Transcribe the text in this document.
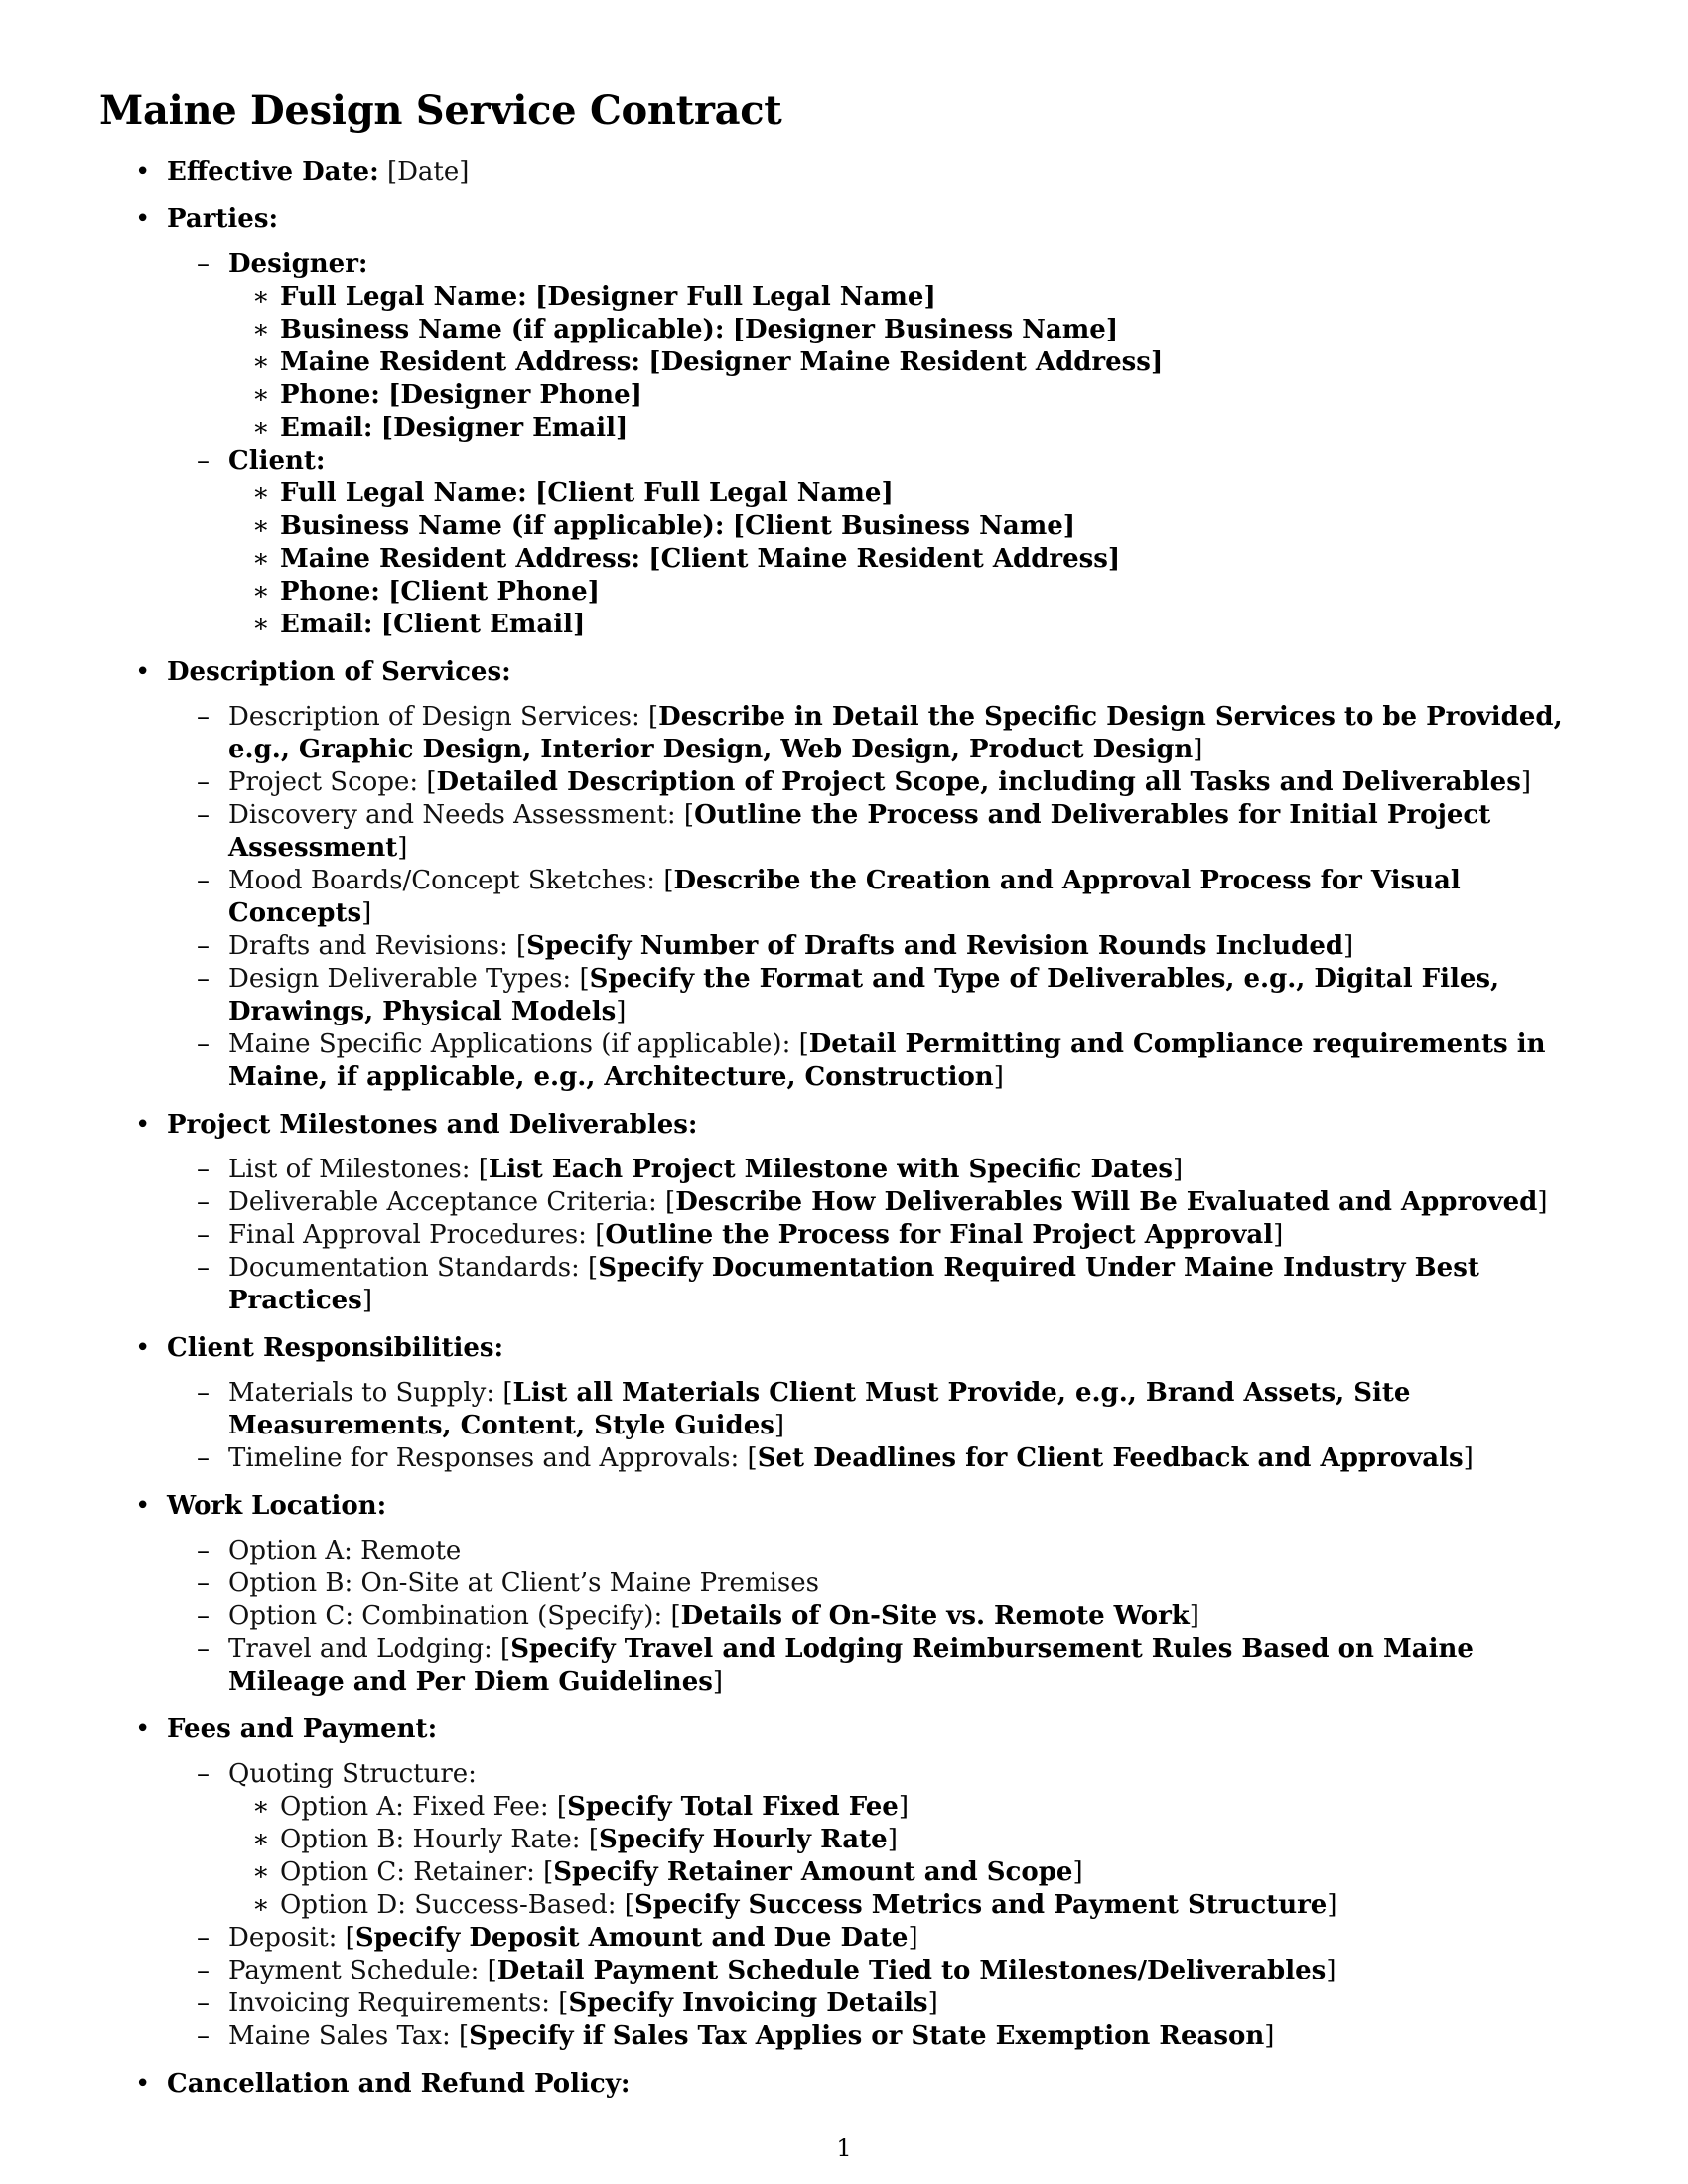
Maine Design Service Contract
• Effective Date: [Date]
• Parties:
– Designer:
∗ Full Legal Name: [Designer Full Legal Name]
∗ Business Name (if applicable): [Designer Business Name]
∗ Maine Resident Address: [Designer Maine Resident Address]
∗ Phone: [Designer Phone]
∗ Email: [Designer Email]
– Client:
∗ Full Legal Name: [Client Full Legal Name]
∗ Business Name (if applicable): [Client Business Name]
∗ Maine Resident Address: [Client Maine Resident Address]
∗ Phone: [Client Phone]
∗ Email: [Client Email]
• Description of Services:
– Description of Design Services: [Describe in Detail the Specific Design Services to be Provided, e.g., Graphic Design, Interior Design, Web Design, Product Design]
– Project Scope: [Detailed Description of Project Scope, including all Tasks and Deliverables]
– Discovery and Needs Assessment: [Outline the Process and Deliverables for Initial Project Assessment]
– Mood Boards/Concept Sketches: [Describe the Creation and Approval Process for Visual Concepts]
– Drafts and Revisions: [Specify Number of Drafts and Revision Rounds Included]
– Design Deliverable Types: [Specify the Format and Type of Deliverables, e.g., Digital Files, Drawings, Physical Models]
– Maine Specific Applications (if applicable): [Detail Permitting and Compliance requirements in Maine, if applicable, e.g., Architecture, Construction]
• Project Milestones and Deliverables:
– List of Milestones: [List Each Project Milestone with Specific Dates]
– Deliverable Acceptance Criteria: [Describe How Deliverables Will Be Evaluated and Approved]
– Final Approval Procedures: [Outline the Process for Final Project Approval]
– Documentation Standards: [Specify Documentation Required Under Maine Industry Best Practices]
• Client Responsibilities:
– Materials to Supply: [List all Materials Client Must Provide, e.g., Brand Assets, Site Measurements, Content, Style Guides]
– Timeline for Responses and Approvals: [Set Deadlines for Client Feedback and Approvals]
• Work Location:
– Option A: Remote
– Option B: On-Site at Client’s Maine Premises
– Option C: Combination (Specify): [Details of On-Site vs. Remote Work]
– Travel and Lodging: [Specify Travel and Lodging Reimbursement Rules Based on Maine Mileage and Per Diem Guidelines]
• Fees and Payment:
– Quoting Structure:
∗ Option A: Fixed Fee: [Specify Total Fixed Fee]
∗ Option B: Hourly Rate: [Specify Hourly Rate]
∗ Option C: Retainer: [Specify Retainer Amount and Scope]
∗ Option D: Success-Based: [Specify Success Metrics and Payment Structure]
– Deposit: [Specify Deposit Amount and Due Date]
– Payment Schedule: [Detail Payment Schedule Tied to Milestones/Deliverables]
– Invoicing Requirements: [Specify Invoicing Details]
– Maine Sales Tax: [Specify if Sales Tax Applies or State Exemption Reason]
• Cancellation and Refund Policy:
1
